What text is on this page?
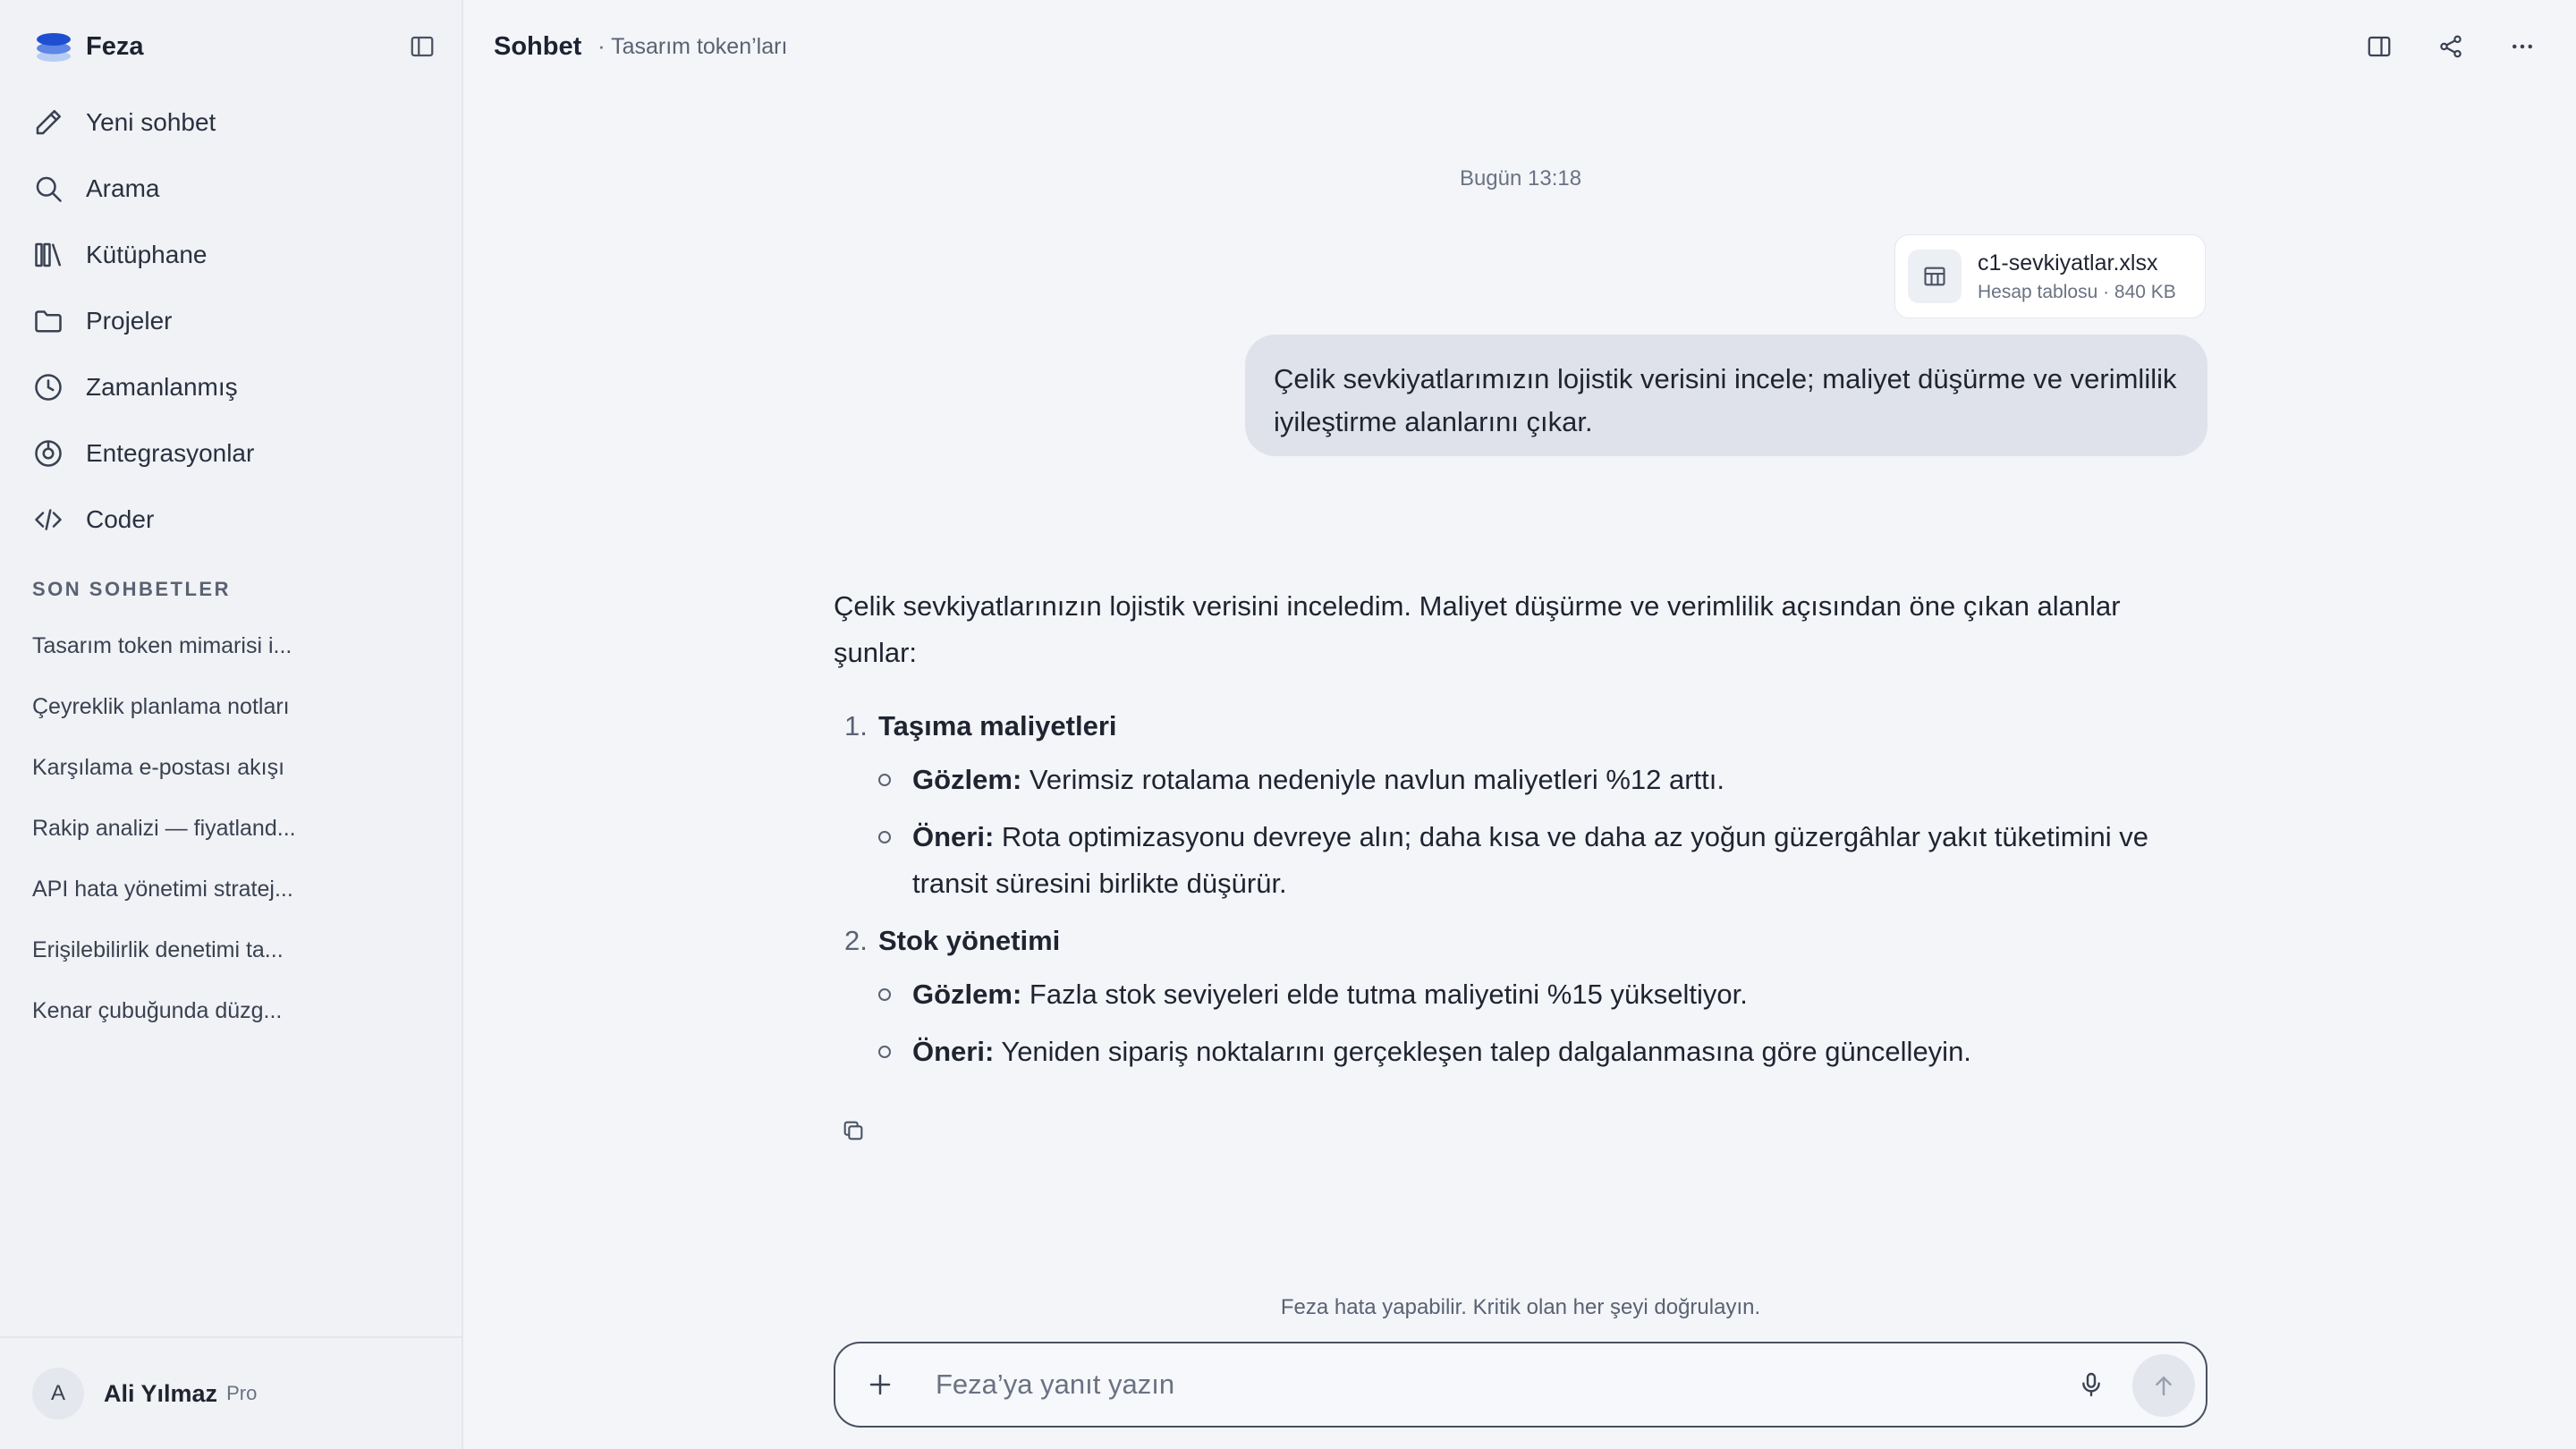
Feza
Yeni sohbet
Arama
Kütüphane
Projeler
Zamanlanmış
Entegrasyonlar
Coder
SON SOHBETLER
Tasarım token mimarisi i...
Çeyreklik planlama notları
Karşılama e-postası akışı
Rakip analizi — fiyatland...
API hata yönetimi stratej...
Erişilebilirlik denetimi ta...
Kenar çubuğunda düzg...
A	Ali Yılmaz Pro
Sohbet · Tasarım token’ları
Bugün 13:18
c1-sevkiyatlar.xlsx
Hesap tablosu · 840 KB
Çelik sevkiyatlarımızın lojistik verisini incele; maliyet düşürme ve verimlilik iyileştirme alanlarını çıkar.

Çelik sevkiyatlarınızın lojistik verisini inceledim. Maliyet düşürme ve verimlilik açısından öne çıkan alanlar şunlar:

1. Taşıma maliyetleri
Gözlem: Verimsiz rotalama nedeniyle navlun maliyetleri %12 arttı.
Öneri: Rota optimizasyonu devreye alın; daha kısa ve daha az yoğun güzergâhlar yakıt tüketimini ve transit süresini birlikte düşürür.
2. Stok yönetimi
Gözlem: Fazla stok seviyeleri elde tutma maliyetini %15 yükseltiyor.
Öneri: Yeniden sipariş noktalarını gerçekleşen talep dalgalanmasına göre güncelleyin.
Feza hata yapabilir. Kritik olan her şeyi doğrulayın.
Feza’ya yanıt yazın
